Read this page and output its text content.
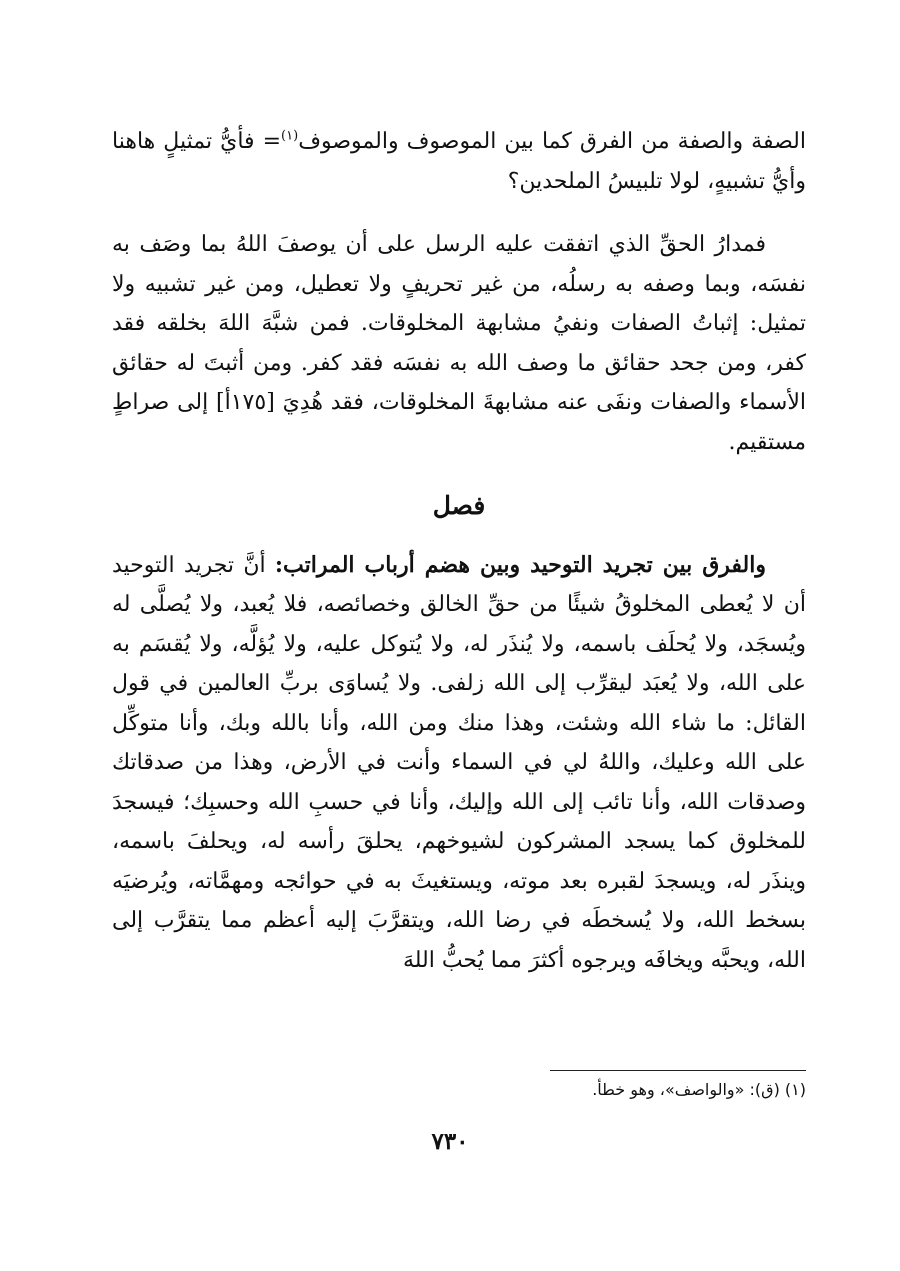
الصفة والصفة من الفرق كما بين الموصوف والموصوف$^{(١)}$= فأيُّ تمثيلٍ هاهنا وأيُّ تشبيهٍ، لولا تلبيسُ الملحدين؟

فمدارُ الحقِّ الذي اتفقت عليه الرسل على أن يوصفَ اللهُ بما وصَف به نفسَه، وبما وصفه به رسلُه، من غير تحريفٍ ولا تعطيل، ومن غير تشبيه ولا تمثيل: إثباتُ الصفات ونفيُ مشابهة المخلوقات. فمن شبَّهَ اللهَ بخلقه فقد كفر، ومن جحد حقائق ما وصف الله به نفسَه فقد كفر. ومن أثبتَ له حقائق الأسماء والصفات ونفَى عنه مشابهةَ المخلوقات، فقد هُدِيَ [١٧٥أ] إلى صراطٍ مستقيم.

فصل

والفرق بين تجريد التوحيد وبين هضم أرباب المراتب: أنَّ تجريد التوحيد أن لا يُعطى المخلوقُ شيئًا من حقِّ الخالق وخصائصه، فلا يُعبد، ولا يُصلَّى له ويُسجَد، ولا يُحلَف باسمه، ولا يُنذَر له، ولا يُتوكل عليه، ولا يُؤلَّه، ولا يُقسَم به على الله، ولا يُعبَد ليقرِّب إلى الله زلفى. ولا يُساوَى بربِّ العالمين في قول القائل: ما شاء الله وشئت، وهذا منك ومن الله، وأنا بالله وبك، وأنا متوكِّل على الله وعليك، واللهُ لي في السماء وأنت في الأرض، وهذا من صدقاتك وصدقات الله، وأنا تائب إلى الله وإليك، وأنا في حسبِ الله وحسبِك؛ فيسجدَ للمخلوق كما يسجد المشركون لشيوخهم، يحلقَ رأسه له، ويحلفَ باسمه، وينذَر له، ويسجدَ لقبره بعد موته، ويستغيثَ به في حوائجه ومهمَّاته، ويُرضيَه بسخط الله، ولا يُسخطَه في رضا الله، ويتقرَّبَ إليه أعظم مما يتقرَّب إلى الله، ويحبَّه ويخافَه ويرجوه أكثرَ مما يُحبُّ اللهَ

(١) (ق): «والواصف»، وهو خطأ.
٧٣٠
